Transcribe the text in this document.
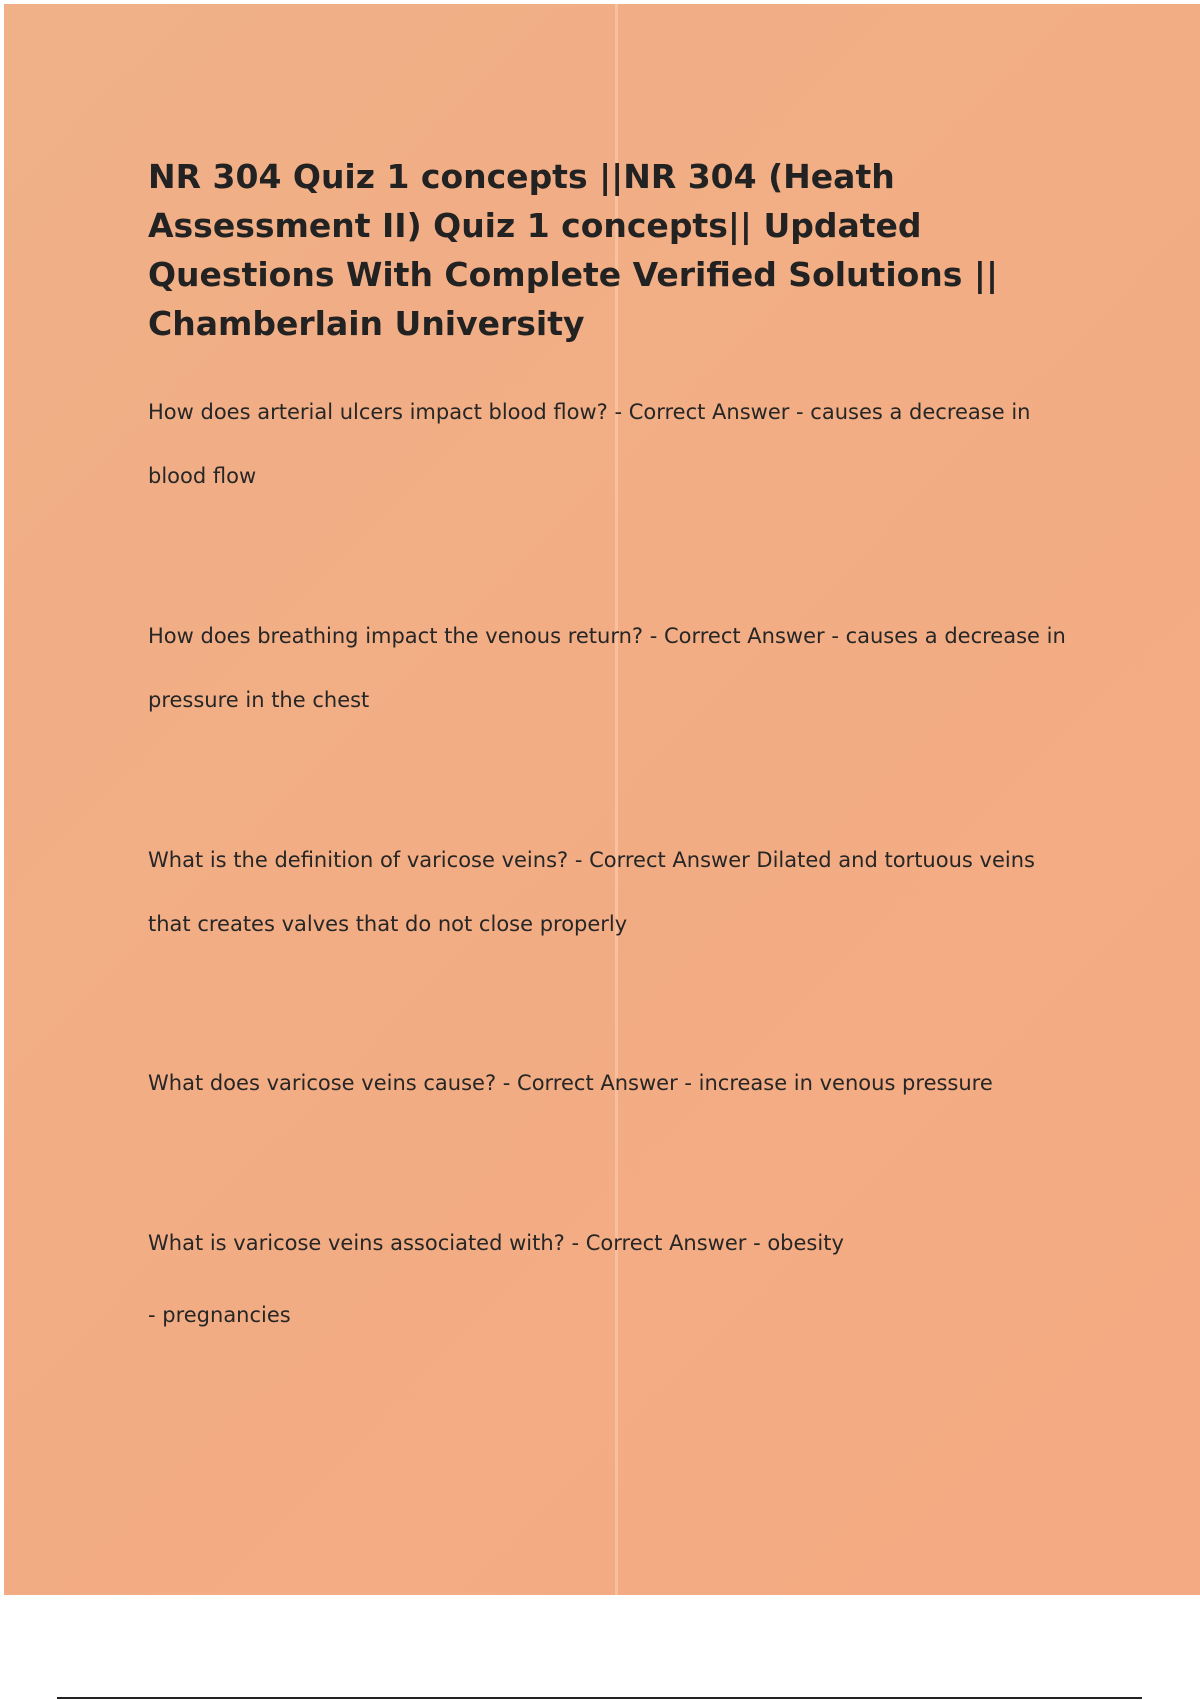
NR 304 Quiz 1 concepts ||NR 304 (Heath Assessment II) Quiz 1 concepts|| Updated Questions With Complete Verified Solutions || Chamberlain University

How does arterial ulcers impact blood flow? - Correct Answer - causes a decrease in
blood flow

How does breathing impact the venous return? - Correct Answer - causes a decrease in
pressure in the chest

What is the definition of varicose veins? - Correct Answer Dilated and tortuous veins
that creates valves that do not close properly

What does varicose veins cause? - Correct Answer - increase in venous pressure

What is varicose veins associated with? - Correct Answer - obesity
- pregnancies
